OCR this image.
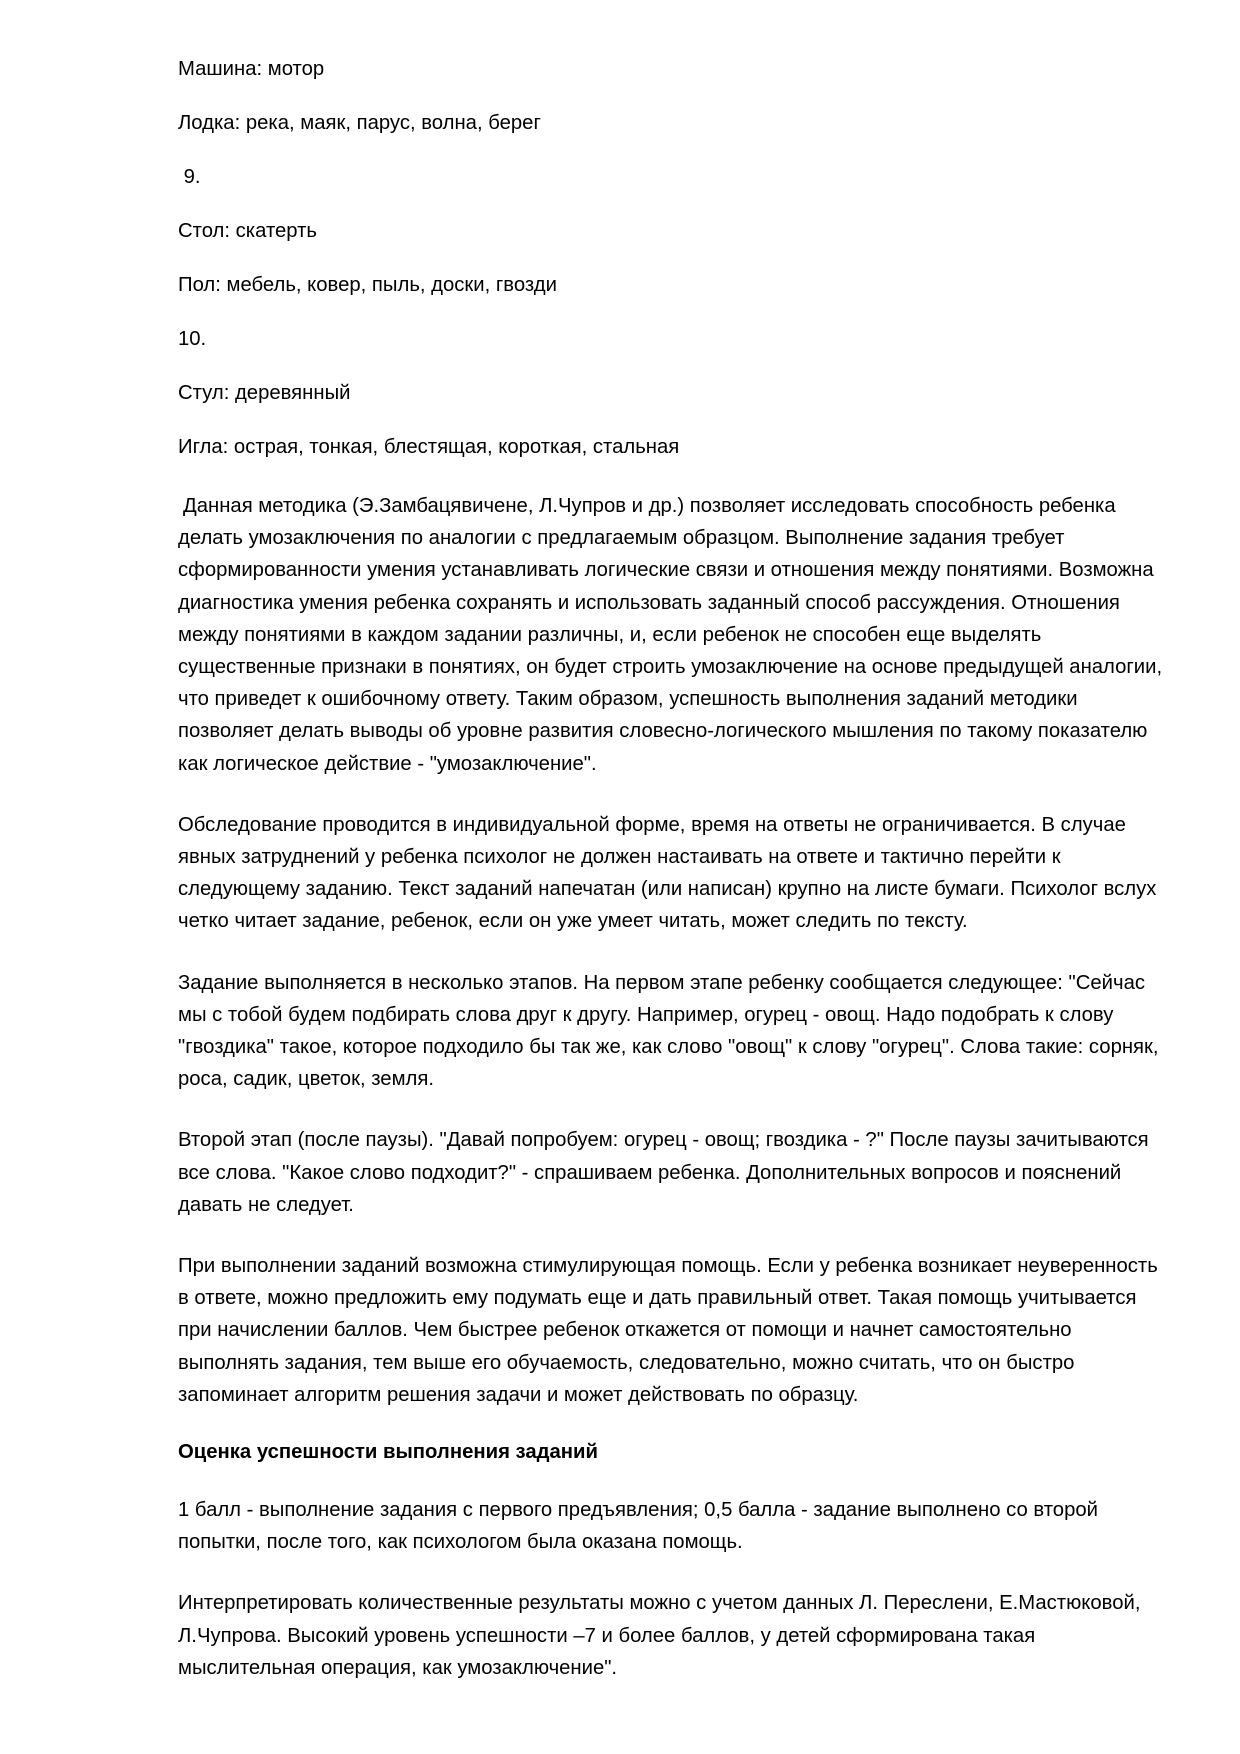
Машина: мотор

Лодка: река, маяк, парус, волна, берег

9.

Стол: скатерть

Пол: мебель, ковер, пыль, доски, гвозди

10.

Стул: деревянный

Игла: острая, тонкая, блестящая, короткая, стальная

Данная методика (Э.Замбацявичене, Л.Чупров и др.) позволяет исследовать способность ребенка делать умозаключения по аналогии с предлагаемым образцом. Выполнение задания требует сформированности умения устанавливать логические связи и отношения между понятиями. Возможна диагностика умения ребенка сохранять и использовать заданный способ рассуждения. Отношения между понятиями в каждом задании различны, и, если ребенок не способен еще выделять существенные признаки в понятиях, он будет строить умозаключение на основе предыдущей аналогии, что приведет к ошибочному ответу. Таким образом, успешность выполнения заданий методики позволяет делать выводы об уровне развития словесно-логического мышления по такому показателю как логическое действие - "умозаключение".

Обследование проводится в индивидуальной форме, время на ответы не ограничивается. В случае явных затруднений у ребенка психолог не должен настаивать на ответе и тактично перейти к следующему заданию. Текст заданий напечатан (или написан) крупно на листе бумаги. Психолог вслух четко читает задание, ребенок, если он уже умеет читать, может следить по тексту.

Задание выполняется в несколько этапов. На первом этапе ребенку сообщается следующее: "Сейчас мы с тобой будем подбирать слова друг к другу. Например, огурец - овощ. Надо подобрать к слову "гвоздика" такое, которое подходило бы так же, как слово "овощ" к слову "огурец". Слова такие: сорняк, роса, садик, цветок, земля.

Второй этап (после паузы). "Давай попробуем: огурец - овощ; гвоздика - ?" После паузы зачитываются все слова. "Какое слово подходит?" - спрашиваем ребенка. Дополнительных вопросов и пояснений давать не следует.

При выполнении заданий возможна стимулирующая помощь. Если у ребенка возникает неуверенность в ответе, можно предложить ему подумать еще и дать правильный ответ. Такая помощь учитывается при начислении баллов. Чем быстрее ребенок откажется от помощи и начнет самостоятельно выполнять задания, тем выше его обучаемость, следовательно, можно считать, что он быстро запоминает алгоритм решения задачи и может действовать по образцу.

Оценка успешности выполнения заданий

1 балл - выполнение задания с первого предъявления; 0,5 балла - задание выполнено со второй попытки, после того, как психологом была оказана помощь.

Интерпретировать количественные результаты можно с учетом данных Л. Переслени, Е.Мастюковой, Л.Чупрова. Высокий уровень успешности –7 и более баллов, у детей сформирована такая мыслительная операция, как умозаключение".
